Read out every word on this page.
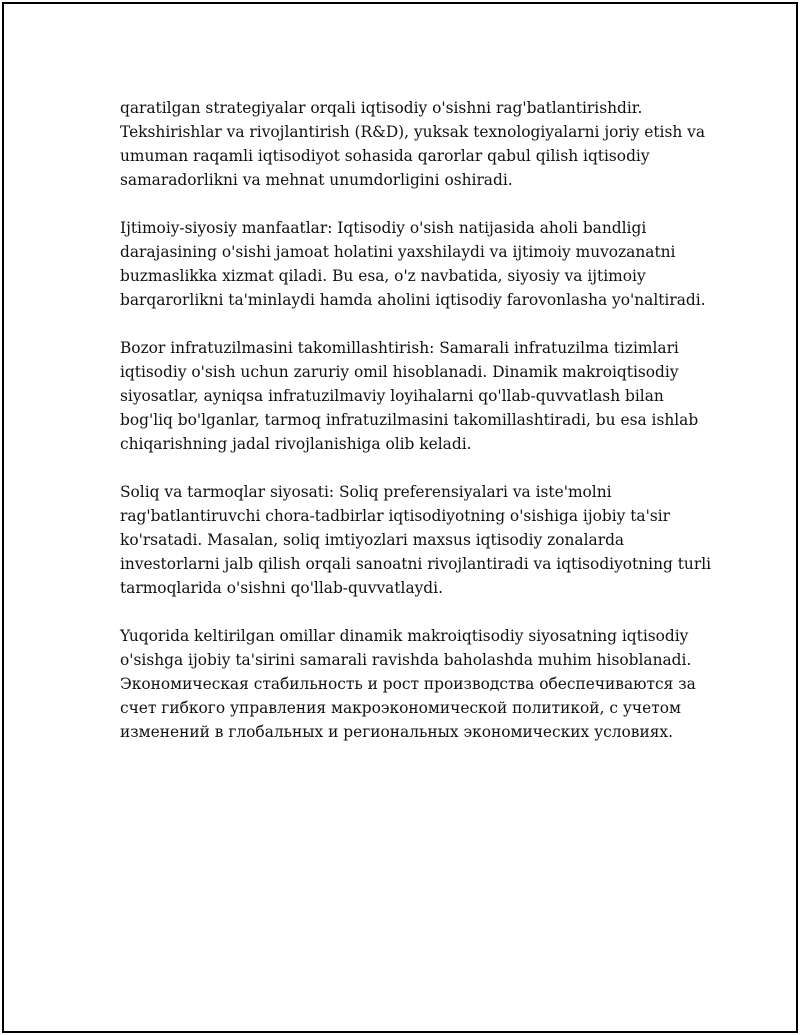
qaratilgan strategiyalar orqali iqtisodiy o'sishni rag'batlantirishdir.
Tekshirishlar va rivojlantirish (R&D), yuksak texnologiyalarni joriy etish va
umuman raqamli iqtisodiyot sohasida qarorlar qabul qilish iqtisodiy
samaradorlikni va mehnat unumdorligini oshiradi.

Ijtimoiy-siyosiy manfaatlar: Iqtisodiy o'sish natijasida aholi bandligi
darajasining o'sishi jamoat holatini yaxshilaydi va ijtimoiy muvozanatni
buzmaslikka xizmat qiladi. Bu esa, o'z navbatida, siyosiy va ijtimoiy
barqarorlikni ta'minlaydi hamda aholini iqtisodiy farovonlasha yo'naltiradi.

Bozor infratuzilmasini takomillashtirish: Samarali infratuzilma tizimlari
iqtisodiy o'sish uchun zaruriy omil hisoblanadi. Dinamik makroiqtisodiy
siyosatlar, ayniqsa infratuzilmaviy loyihalarni qo'llab-quvvatlash bilan
bog'liq bo'lganlar, tarmoq infratuzilmasini takomillashtiradi, bu esa ishlab
chiqarishning jadal rivojlanishiga olib keladi.

Soliq va tarmoqlar siyosati: Soliq preferensiyalari va iste'molni
rag'batlantiruvchi chora-tadbirlar iqtisodiyotning o'sishiga ijobiy ta'sir
ko'rsatadi. Masalan, soliq imtiyozlari maxsus iqtisodiy zonalarda
investorlarni jalb qilish orqali sanoatni rivojlantiradi va iqtisodiyotning turli
tarmoqlarida o'sishni qo'llab-quvvatlaydi.

Yuqorida keltirilgan omillar dinamik makroiqtisodiy siyosatning iqtisodiy
o'sishga ijobiy ta'sirini samarali ravishda baholashda muhim hisoblanadi.
Экономическая стабильность и рост производства обеспечиваются за
счет гибкого управления макроэкономической политикой, с учетом
изменений в глобальных и региональных экономических условиях.
